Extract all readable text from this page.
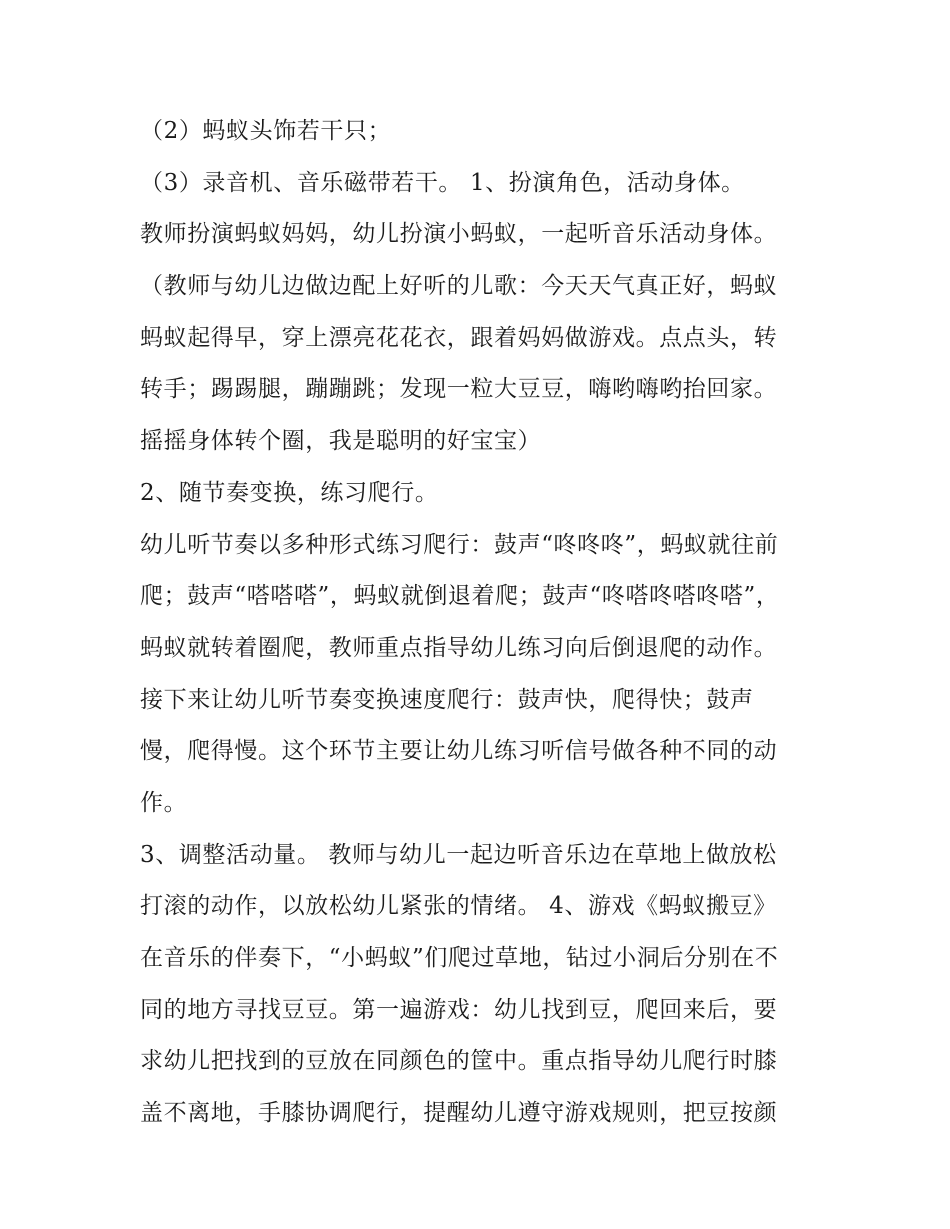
（2）蚂蚁头饰若干只；
（3）录音机、音乐磁带若干。 1、扮演角色，活动身体。
教师扮演蚂蚁妈妈，幼儿扮演小蚂蚁，一起听音乐活动身体。
（教师与幼儿边做边配上好听的儿歌：今天天气真正好，蚂蚁
蚂蚁起得早，穿上漂亮花花衣，跟着妈妈做游戏。点点头，转
转手；踢踢腿，蹦蹦跳；发现一粒大豆豆，嗨哟嗨哟抬回家。
摇摇身体转个圈，我是聪明的好宝宝）
2、随节奏变换，练习爬行。
幼儿听节奏以多种形式练习爬行：鼓声“咚咚咚”，蚂蚁就往前
爬；鼓声“嗒嗒嗒”，蚂蚁就倒退着爬；鼓声“咚嗒咚嗒咚嗒”，
蚂蚁就转着圈爬，教师重点指导幼儿练习向后倒退爬的动作。
接下来让幼儿听节奏变换速度爬行：鼓声快，爬得快；鼓声
慢，爬得慢。这个环节主要让幼儿练习听信号做各种不同的动
作。
3、调整活动量。 教师与幼儿一起边听音乐边在草地上做放松
打滚的动作，以放松幼儿紧张的情绪。 4、游戏《蚂蚁搬豆》
在音乐的伴奏下，“小蚂蚁”们爬过草地，钻过小洞后分别在不
同的地方寻找豆豆。第一遍游戏：幼儿找到豆，爬回来后，要
求幼儿把找到的豆放在同颜色的筐中。重点指导幼儿爬行时膝
盖不离地，手膝协调爬行，提醒幼儿遵守游戏规则，把豆按颜
